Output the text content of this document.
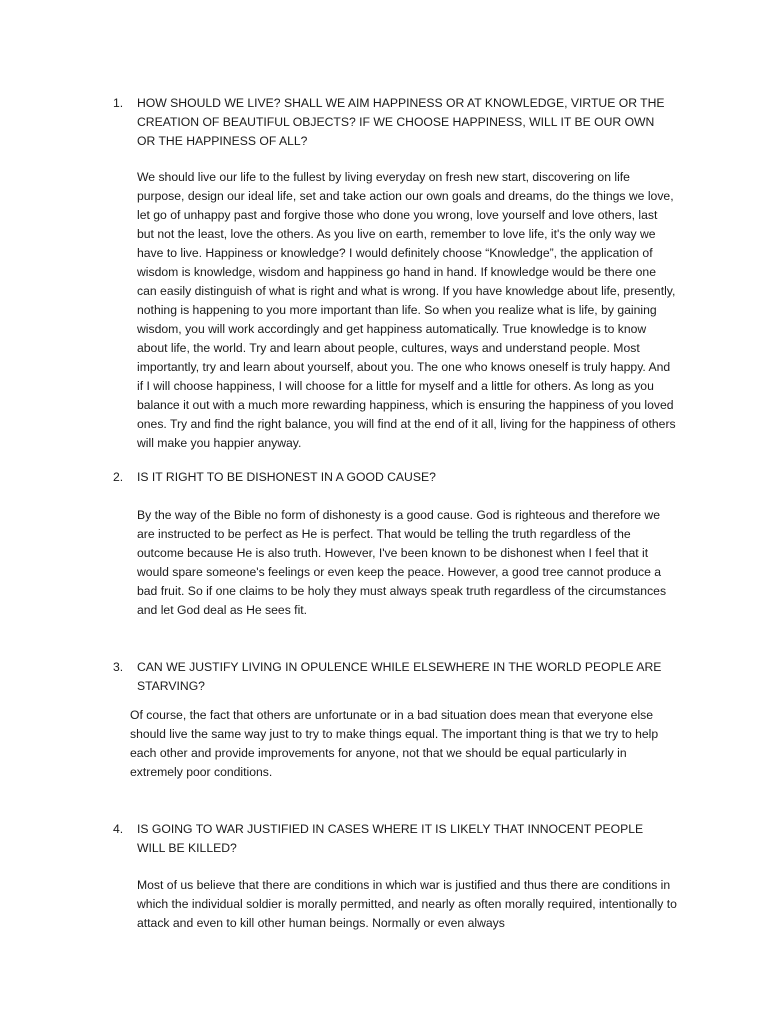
1.	HOW SHOULD WE LIVE? SHALL WE AIM HAPPINESS OR AT KNOWLEDGE, VIRTUE OR THE CREATION OF BEAUTIFUL OBJECTS? IF WE CHOOSE HAPPINESS, WILL IT BE OUR OWN OR THE HAPPINESS OF ALL?

We should live our life to the fullest by living everyday on fresh new start, discovering on life purpose, design our ideal life, set and take action our own goals and dreams, do the things we love, let go of unhappy past and forgive those who done you wrong, love yourself and love others, last but not the least, love the others. As you live on earth, remember to love life, it's the only way we have to live. Happiness or knowledge? I would definitely choose “Knowledge”, the application of wisdom is knowledge, wisdom and happiness go hand in hand. If knowledge would be there one can easily distinguish of what is right and what is wrong. If you have knowledge about life, presently, nothing is happening to you more important than life. So when you realize what is life, by gaining wisdom, you will work accordingly and get happiness automatically. True knowledge is to know about life, the world. Try and learn about people, cultures, ways and understand people. Most importantly, try and learn about yourself, about you. The one who knows oneself is truly happy. And if I will choose happiness, I will choose for a little for myself and a little for others. As long as you balance it out with a much more rewarding happiness, which is ensuring the happiness of you loved ones. Try and find the right balance, you will find at the end of it all, living for the happiness of others will make you happier anyway.

2.	IS IT RIGHT TO BE DISHONEST IN A GOOD CAUSE?

By the way of the Bible no form of dishonesty is a good cause. God is righteous and therefore we are instructed to be perfect as He is perfect. That would be telling the truth regardless of the outcome because He is also truth. However, I've been known to be dishonest when I feel that it would spare someone's feelings or even keep the peace. However, a good tree cannot produce a bad fruit. So if one claims to be holy they must always speak truth regardless of the circumstances and let God deal as He sees fit.

3.	CAN WE JUSTIFY LIVING IN OPULENCE WHILE ELSEWHERE IN THE WORLD PEOPLE ARE STARVING?

Of course, the fact that others are unfortunate or in a bad situation does mean that everyone else should live the same way just to try to make things equal. The important thing is that we try to help each other and provide improvements for anyone, not that we should be equal particularly in extremely poor conditions.

4.	IS GOING TO WAR JUSTIFIED IN CASES WHERE IT IS LIKELY THAT INNOCENT PEOPLE WILL BE KILLED?

Most of us believe that there are conditions in which war is justified and thus there are conditions in which the individual soldier is morally permitted, and nearly as often morally required, intentionally to attack and even to kill other human beings. Normally or even always
